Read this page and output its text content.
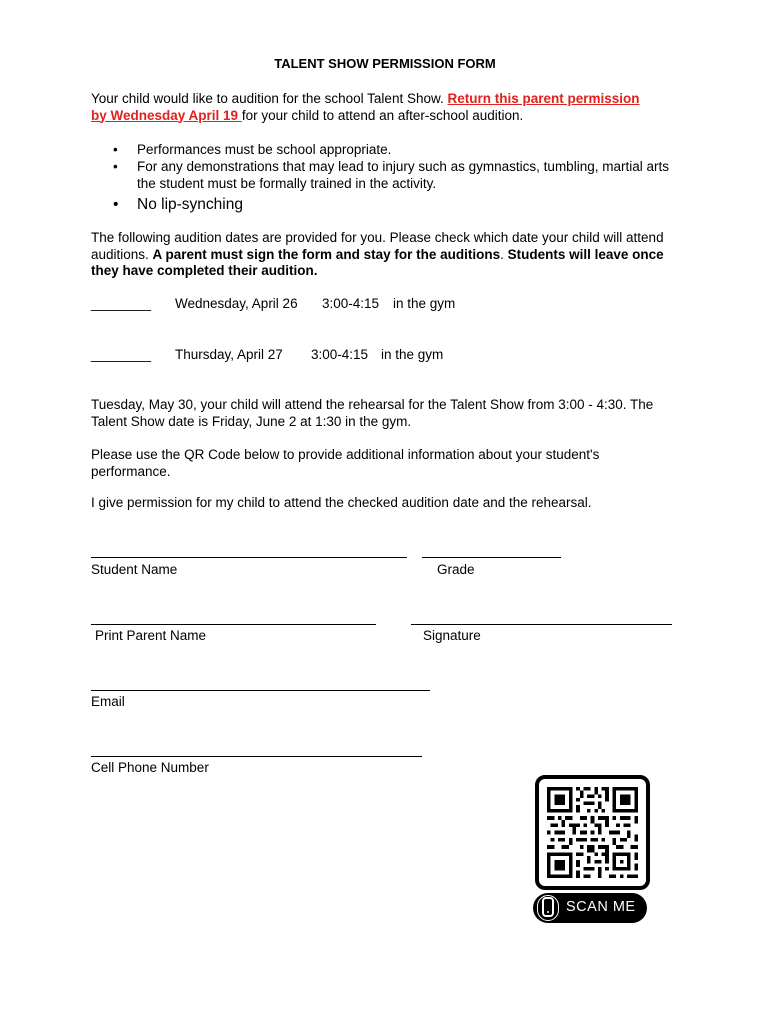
TALENT SHOW PERMISSION FORM
Your child would like to audition for the school Talent Show. Return this parent permission
by Wednesday April 19 for your child to attend an after-school audition.
• Performances must be school appropriate.
• For any demonstrations that may lead to injury such as gymnastics, tumbling, martial arts the student must be formally trained in the activity.
• No lip-synching
The following audition dates are provided for you. Please check which date your child will attend auditions. A parent must sign the form and stay for the auditions. Students will leave once they have completed their audition.
________ Wednesday, April 26 3:00-4:15 in the gym
________ Thursday, April 27 3:00-4:15 in the gym
Tuesday, May 30, your child will attend the rehearsal for the Talent Show from 3:00 - 4:30. The Talent Show date is Friday, June 2 at 1:30 in the gym.
Please use the QR Code below to provide additional information about your student's performance.
I give permission for my child to attend the checked audition date and the rehearsal.
Student Name	Grade
Print Parent Name	Signature
Email
Cell Phone Number
SCAN ME
